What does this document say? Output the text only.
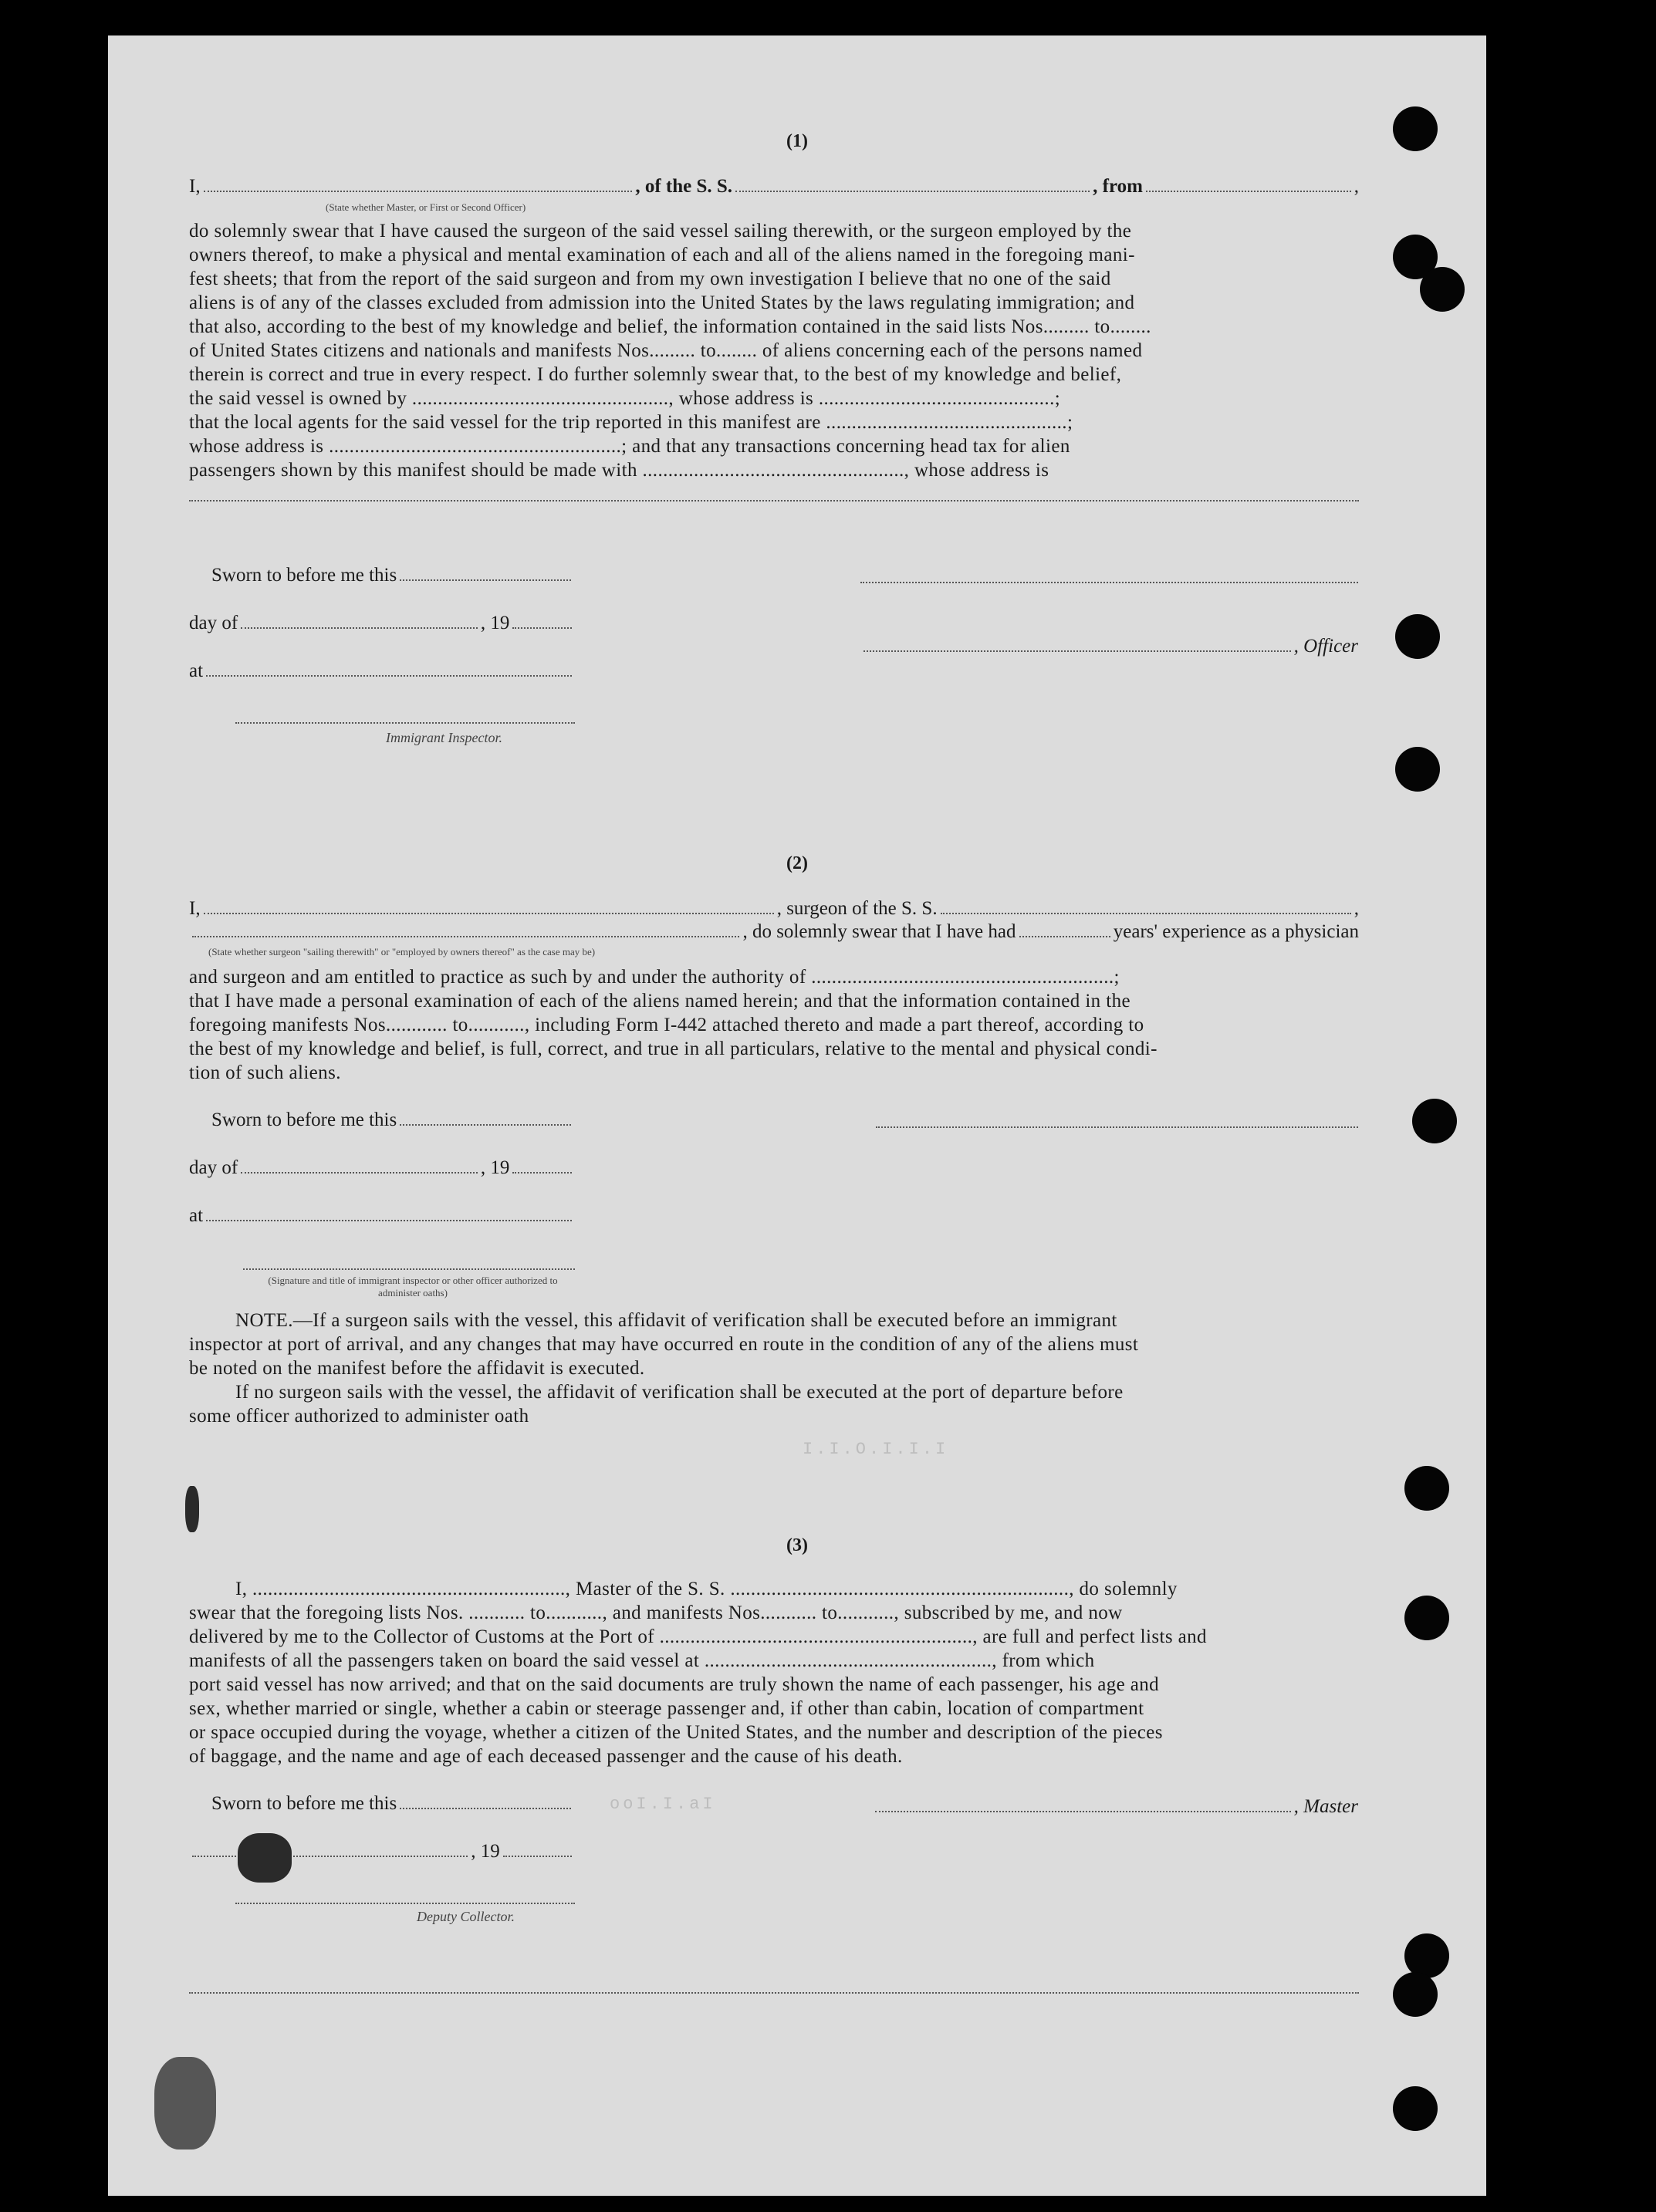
I.I.O.I.I.I
ooI.I.aI
(1)
I,	, of the S. S.	, from	,
(State whether Master, or First or Second Officer)
do solemnly swear that I have caused the surgeon of the said vessel sailing therewith, or the surgeon employed by the
owners thereof, to make a physical and mental examination of each and all of the aliens named in the foregoing mani-
fest sheets; that from the report of the said surgeon and from my own investigation I believe that no one of the said
aliens is of any of the classes excluded from admission into the United States by the laws regulating immigration; and
that also, according to the best of my knowledge and belief, the information contained in the said lists Nos......... to........
of United States citizens and nationals and manifests Nos......... to........ of aliens concerning each of the persons named
therein is correct and true in every respect. I do further solemnly swear that, to the best of my knowledge and belief,
the said vessel is owned by .................................................., whose address is ..............................................;
that the local agents for the said vessel for the trip reported in this manifest are ...............................................;
whose address is .........................................................; and that any transactions concerning head tax for alien
passengers shown by this manifest should be made with ..................................................., whose address is
Sworn to before me this
day of	, 19
, Officer
at
Immigrant Inspector.
(2)
I,	, surgeon of the S. S.	,
, do solemnly swear that I have had	years' experience as a physician
(State whether surgeon "sailing therewith" or "employed by owners thereof" as the case may be)
and surgeon and am entitled to practice as such by and under the authority of ...........................................................;
that I have made a personal examination of each of the aliens named herein; and that the information contained in the
foregoing manifests Nos............ to..........., including Form I-442 attached thereto and made a part thereof, according to
the best of my knowledge and belief, is full, correct, and true in all particulars, relative to the mental and physical condi-
tion of such aliens.
Sworn to before me this
day of	, 19
at
(Signature and title of immigrant inspector or other officer authorized to administer oaths)
NOTE.—If a surgeon sails with the vessel, this affidavit of verification shall be executed before an immigrant
inspector at port of arrival, and any changes that may have occurred en route in the condition of any of the aliens must
be noted on the manifest before the affidavit is executed.
If no surgeon sails with the vessel, the affidavit of verification shall be executed at the port of departure before
some officer authorized to administer oath
(3)
I, ............................................................., Master of the S. S. .................................................................., do solemnly
swear that the foregoing lists Nos. ........... to..........., and manifests Nos........... to..........., subscribed by me, and now
delivered by me to the Collector of Customs at the Port of ............................................................., are full and perfect lists and
manifests of all the passengers taken on board the said vessel at ........................................................, from which
port said vessel has now arrived; and that on the said documents are truly shown the name of each passenger, his age and
sex, whether married or single, whether a cabin or steerage passenger and, if other than cabin, location of compartment
or space occupied during the voyage, whether a citizen of the United States, and the number and description of the pieces
of baggage, and the name and age of each deceased passenger and the cause of his death.
Sworn to before me this	, Master
, 19
Deputy Collector.
